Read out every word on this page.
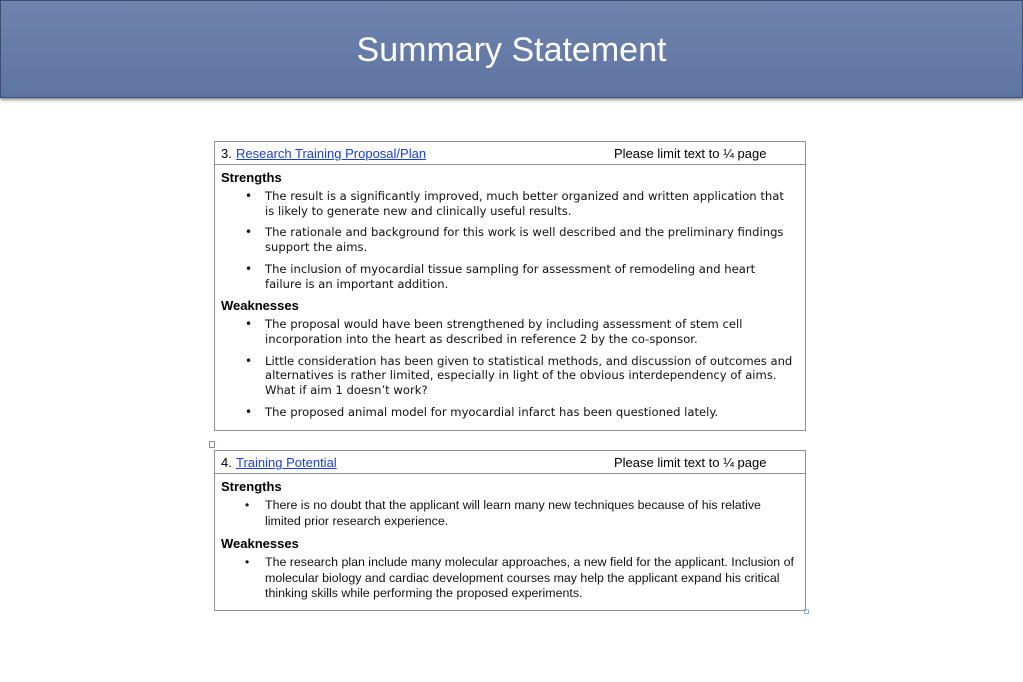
Summary Statement
3. Research Training Proposal/Plan	Please limit text to ¼ page
Strengths
• The result is a significantly improved, much better organized and written application that is likely to generate new and clinically useful results.
• The rationale and background for this work is well described and the preliminary findings support the aims.
• The inclusion of myocardial tissue sampling for assessment of remodeling and heart failure is an important addition.
Weaknesses
• The proposal would have been strengthened by including assessment of stem cell incorporation into the heart as described in reference 2 by the co-sponsor.
• Little consideration has been given to statistical methods, and discussion of outcomes and alternatives is rather limited, especially in light of the obvious interdependency of aims. What if aim 1 doesn’t work?
• The proposed animal model for myocardial infarct has been questioned lately.
4. Training Potential	Please limit text to ¼ page
Strengths
• There is no doubt that the applicant will learn many new techniques because of his relative limited prior research experience.
Weaknesses
• The research plan include many molecular approaches, a new field for the applicant. Inclusion of molecular biology and cardiac development courses may help the applicant expand his critical thinking skills while performing the proposed experiments.
